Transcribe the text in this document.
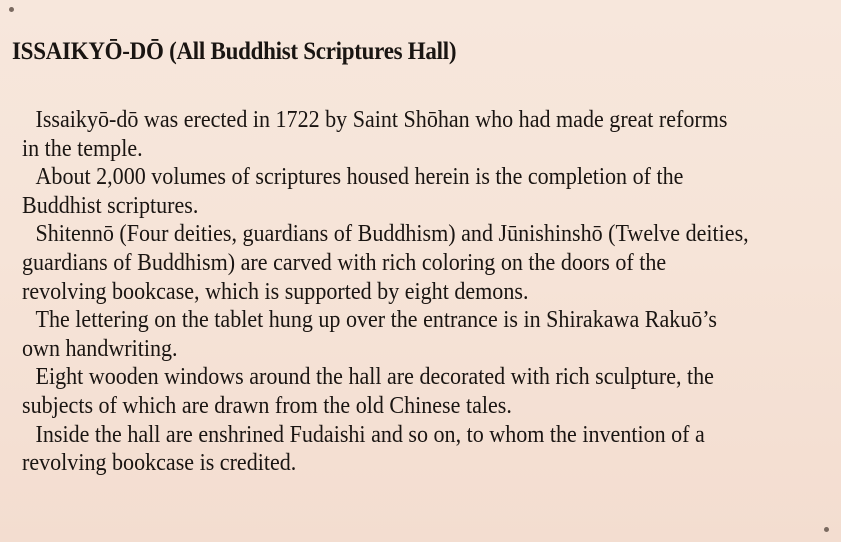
ISSAIKYŌ-DŌ (All Buddhist Scriptures Hall)

Issaikyō-dō was erected in 1722 by Saint Shōhan who had made great reforms
in the temple.

About 2,000 volumes of scriptures housed herein is the completion of the
Buddhist scriptures.

Shitennō (Four deities, guardians of Buddhism) and Jūnishinshō (Twelve deities,
guardians of Buddhism) are carved with rich coloring on the doors of the
revolving bookcase, which is supported by eight demons.

The lettering on the tablet hung up over the entrance is in Shirakawa Rakuō’s
own handwriting.

Eight wooden windows around the hall are decorated with rich sculpture, the
subjects of which are drawn from the old Chinese tales.

Inside the hall are enshrined Fudaishi and so on, to whom the invention of a
revolving bookcase is credited.
